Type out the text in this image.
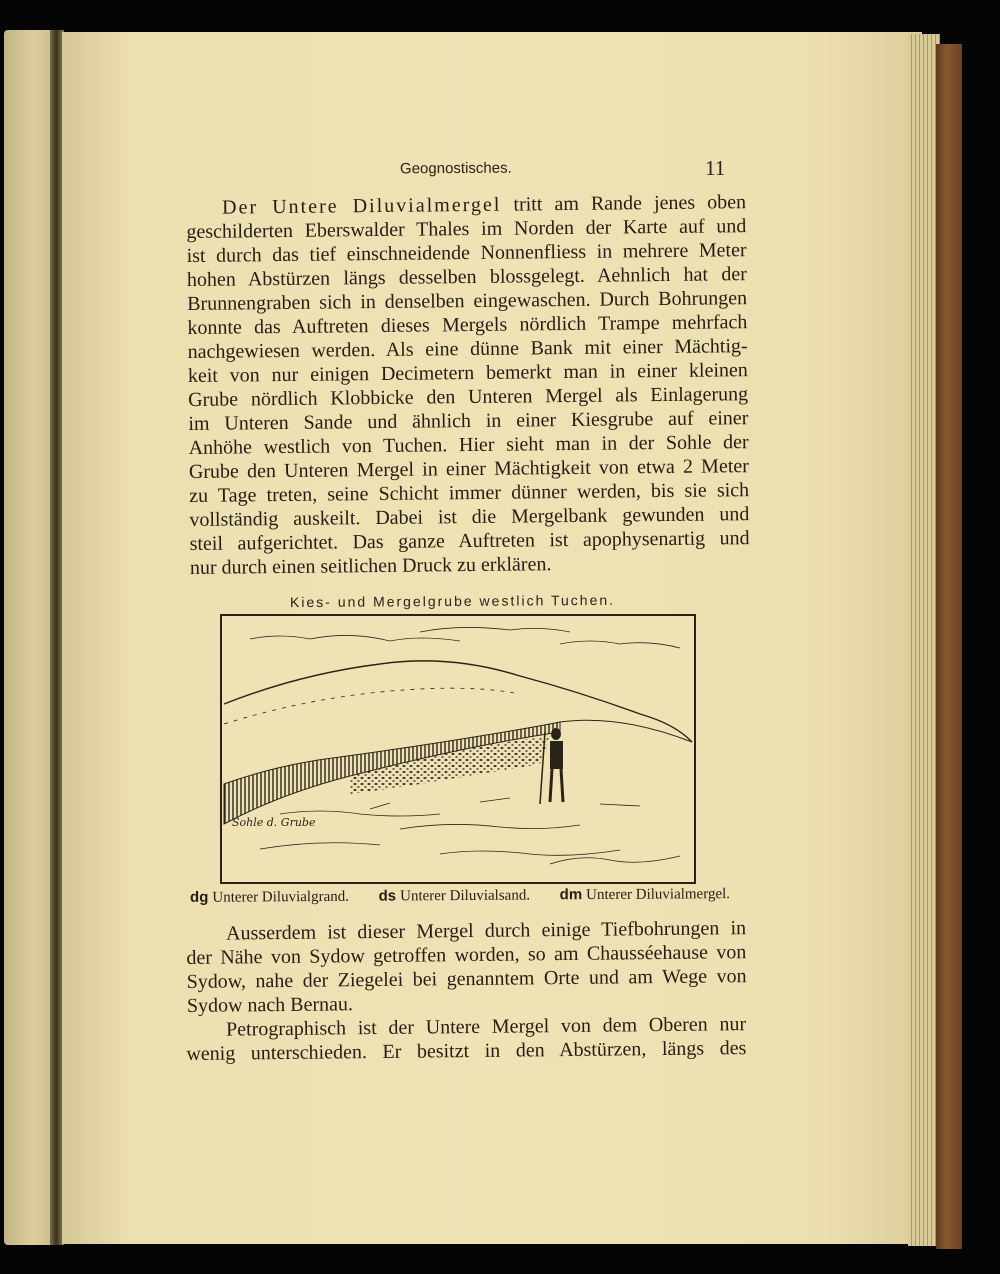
Geognostisches.	11
Der Untere Diluvialmergel tritt am Rande jenes oben
geschilderten Eberswalder Thales im Norden der Karte auf und
ist durch das tief einschneidende Nonnenfliess in mehrere Meter
hohen Abstürzen längs desselben blossgelegt. Aehnlich hat der
Brunnengraben sich in denselben eingewaschen. Durch Bohrungen
konnte das Auftreten dieses Mergels nördlich Trampe mehrfach
nachgewiesen werden. Als eine dünne Bank mit einer Mächtig-
keit von nur einigen Decimetern bemerkt man in einer kleinen
Grube nördlich Klobbicke den Unteren Mergel als Einlagerung
im Unteren Sande und ähnlich in einer Kiesgrube auf einer
Anhöhe westlich von Tuchen. Hier sieht man in der Sohle der
Grube den Unteren Mergel in einer Mächtigkeit von etwa 2 Meter
zu Tage treten, seine Schicht immer dünner werden, bis sie sich
vollständig auskeilt. Dabei ist die Mergelbank gewunden und
steil aufgerichtet. Das ganze Auftreten ist apophysenartig und
nur durch einen seitlichen Druck zu erklären.
Kies- und Mergelgrube westlich Tuchen.
Sohle d. Grube
dg Unterer Diluvialgrand. ds Unterer Diluvialsand. dm Unterer Diluvialmergel.
Ausserdem ist dieser Mergel durch einige Tiefbohrungen in
der Nähe von Sydow getroffen worden, so am Chausséehause von
Sydow, nahe der Ziegelei bei genanntem Orte und am Wege von
Sydow nach Bernau.
Petrographisch ist der Untere Mergel von dem Oberen nur
wenig unterschieden. Er besitzt in den Abstürzen, längs des
